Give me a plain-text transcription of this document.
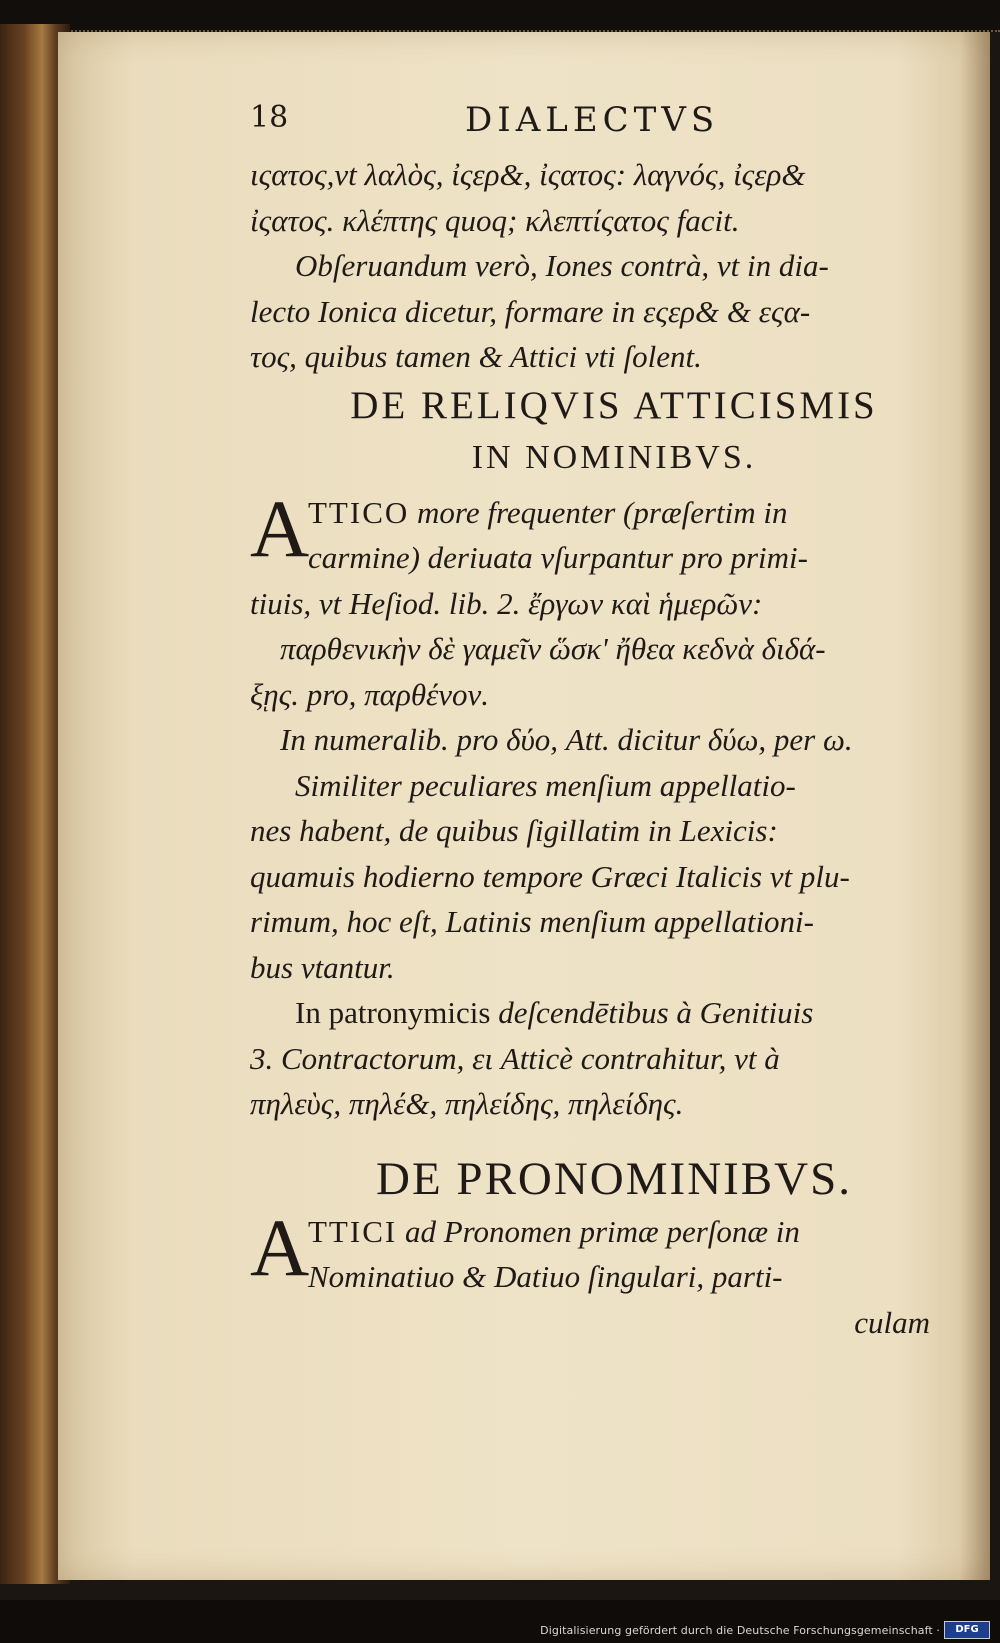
18	DIALECTVS
ιςατος,vt λαλὸς, ἰςερ&, ἰςατος: λαγνός, ἰςερ&
ἰςατος. κλέπτης quoq; κλεπτίςατος facit.
Obſeruandum verò, Iones contrà, vt in dia-
lecto Ionica dicetur, formare in εςερ& & εςα-
τος, quibus tamen & Attici vti ſolent.
DE RELIQVIS ATTICISMIS
IN NOMINIBVS.
A
TTICO more frequenter (præſertim in
carmine) deriuata vſurpantur pro primi-
tiuis, vt Heſiod. lib. 2. ἔργων καὶ ἡμερῶν:
παρθενικὴν δὲ γαμεῖν ὥσκ' ἤθεα κεδνὰ διδά-
ξῃς. pro, παρθένον.
In numeralib. pro δύο, Att. dicitur δύω, per ω.
Similiter peculiares menſium appellatio-
nes habent, de quibus ſigillatim in Lexicis:
quamuis hodierno tempore Græci Italicis vt plu-
rimum, hoc eſt, Latinis menſium appellationi-
bus vtantur.
In patronymicis deſcendētibus à Genitiuis
3. Contractorum, ει Atticè contrahitur, vt à
πηλεὺς, πηλέ&, πηλείδης, πηλείδης.
DE PRONOMINIBVS.
A
TTICI ad Pronomen primæ perſonæ in
Nominatiuo & Datiuo ſingulari, parti-
culam
Digitalisierung gefördert durch die Deutsche Forschungsgemeinschaft ·	DFG
